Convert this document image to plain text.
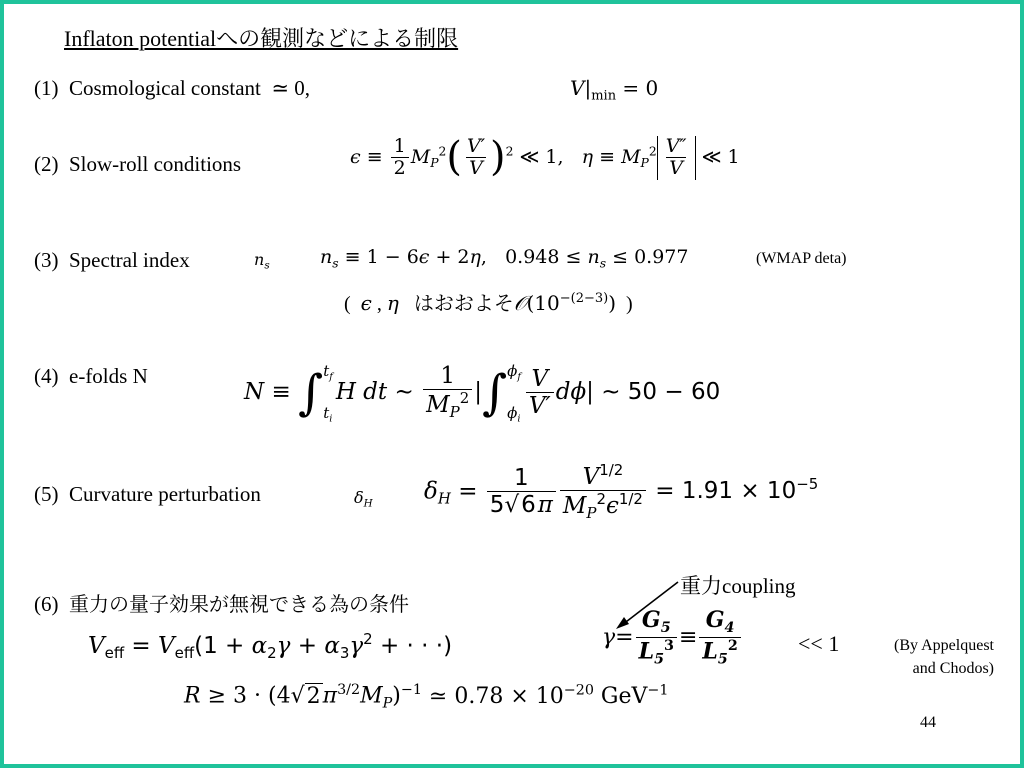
Inflaton potentialへの観測などによる制限
(1) Cosmological constant ≃ 0,	$V|_{min} = 0$
(2) Slow-roll conditions	$\epsilon \equiv \frac{1}{2} M_P^2( \frac{V'}{V} )^2$ ≪ 1,   $\eta \equiv M_P^2 \frac{V''}{V}$ ≪ 1
(3) Spectral index	$n_s$	$n_s \equiv 1 - 6\epsilon + 2\eta$, $0.948 \le n_s \le 0.977$	(WMAP deta)
(  ϵ , η はおおよそ$𝒪(10^{-(2-3)})$  )
(4) e-folds N
N ≡ ∫ $t_f$
$t_i$
H dt ∼ $\frac{1}{M_P^2}$ |∫ $\phi_f$
$\phi_i \frac{V}{V'} d\phi|$ ∼ 50 − 60
(5) Curvature perturbation	$\delta_H$ $\delta_H = \frac{1}{5√6\pi} \frac{V^{1/2}}{M_P^2\epsilon^{1/2}} = 1.91 \times 10^{-5}$
(6) 重力の量子効果が無視できる為の条件
$V_{eff} = V_{eff}(1 + \alpha_2\gamma + \alpha_3\gamma^2$ + · · ·)
重力coupling
$\gamma= \frac{G_5}{L_5^3} \equiv \frac{G_4}{L_5^2}$	<< 1	(By Appelquest
and Chodos)
$R \ge 3 \cdot (4√2\pi^{3/2}M_P)^{-1}$ ≃ $0.78 \times 10^{-20}$ GeV$^{-1}$
44
